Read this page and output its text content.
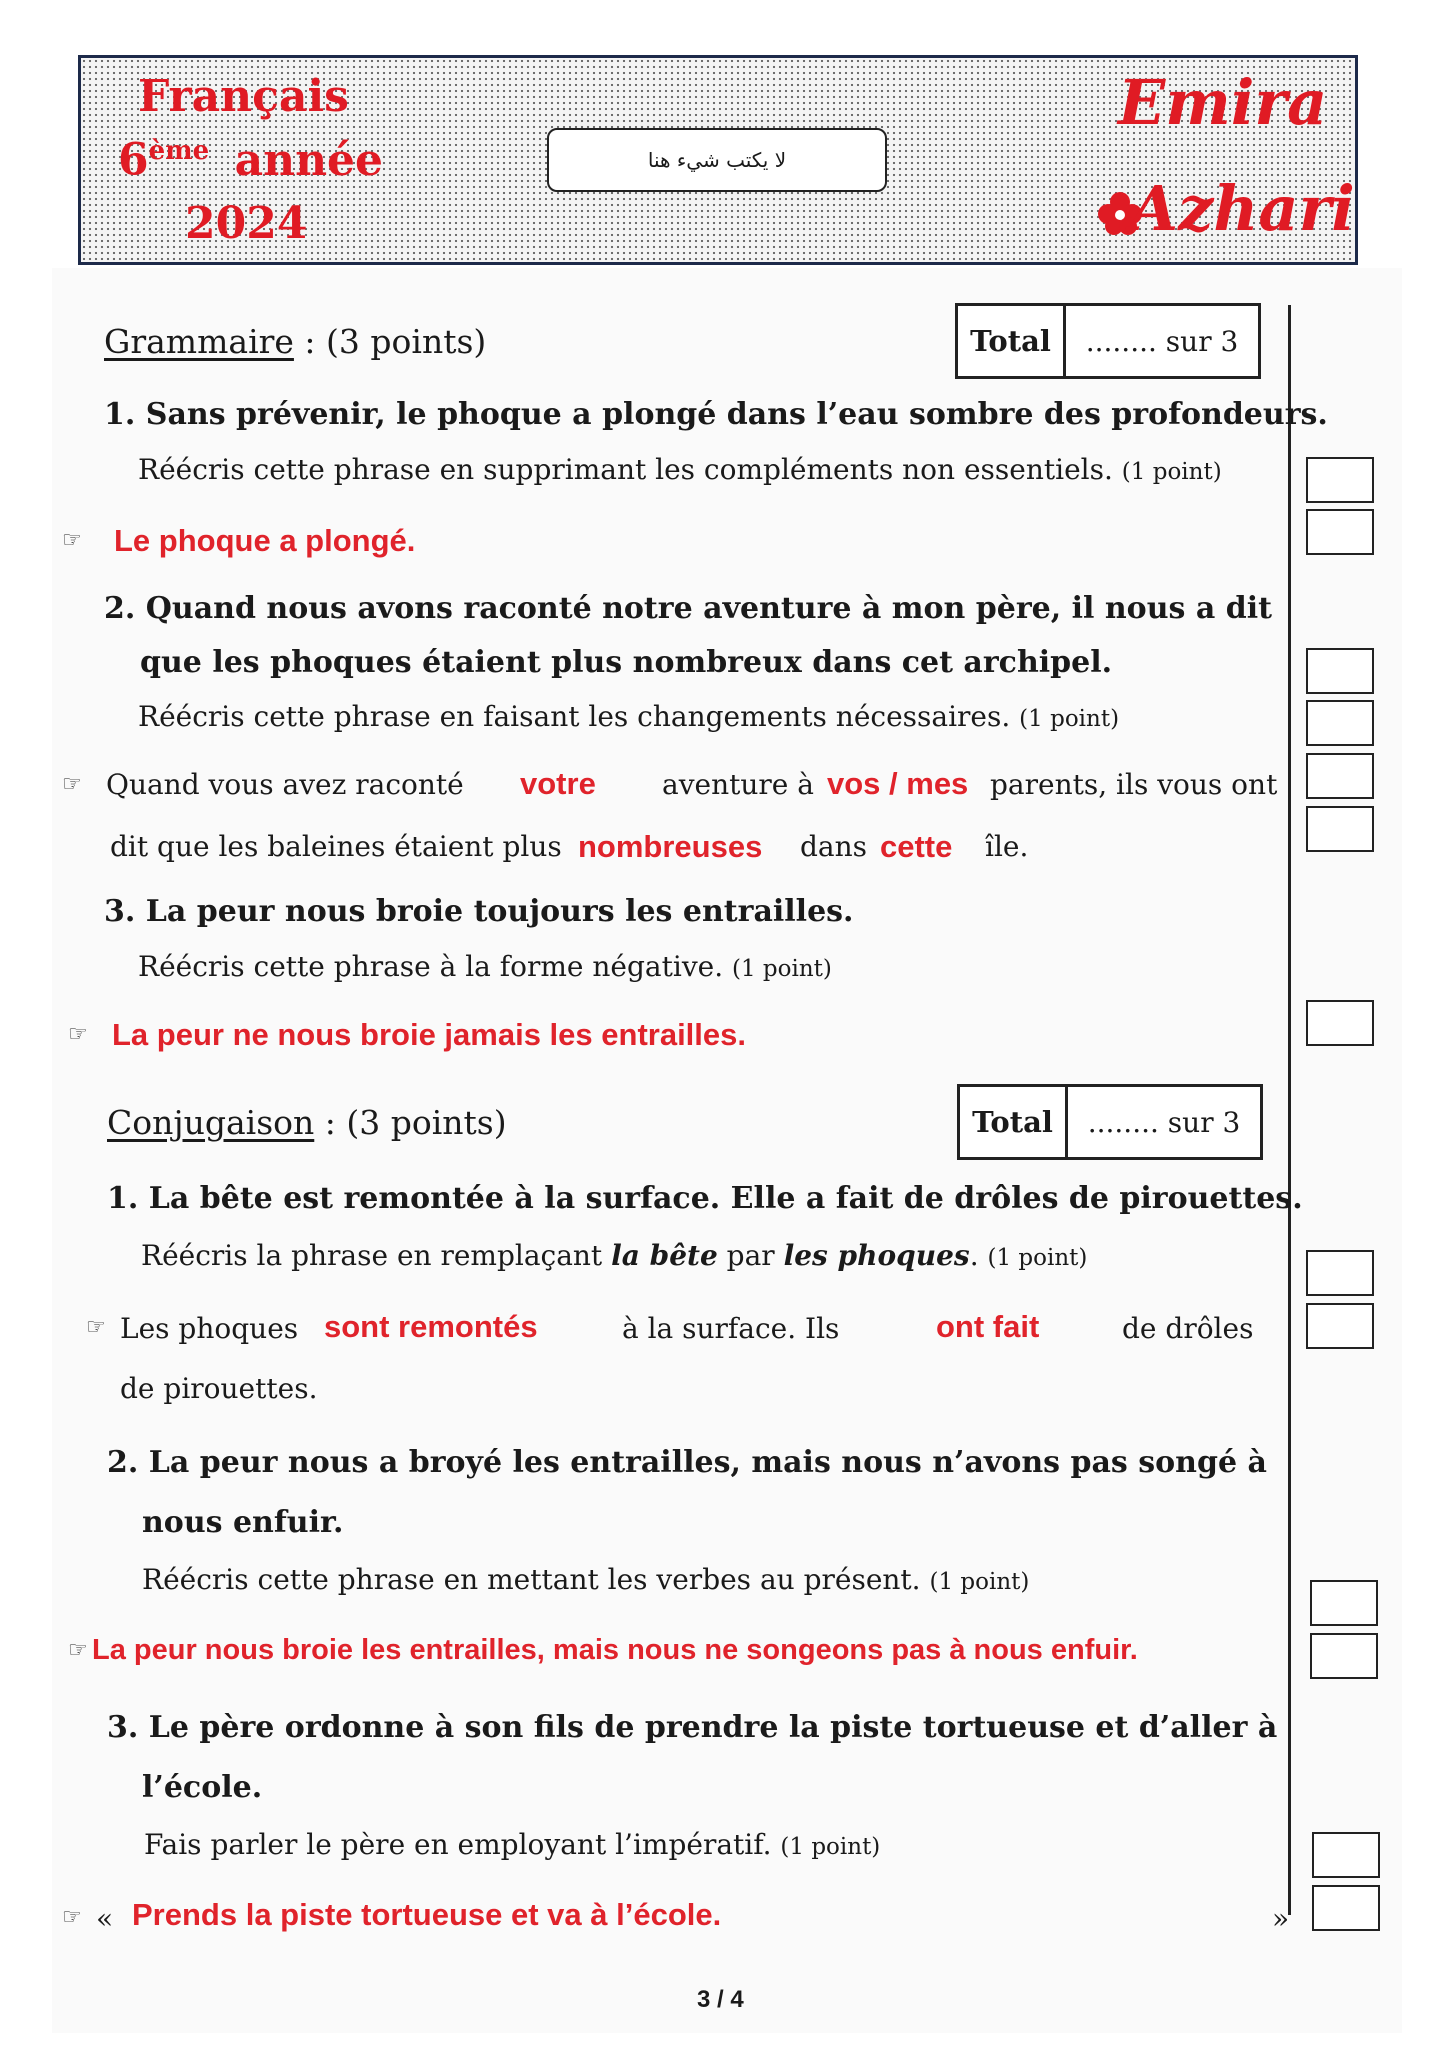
Français
6ème année
2024
لا يكتب شيء هنا
Emira
Azhari
Grammaire : (3 points)	Total	........ sur 3
1. Sans prévenir, le phoque a plongé dans l’eau sombre des profondeurs.
Réécris cette phrase en supprimant les compléments non essentiels. (1 point)
☞ Le phoque a plongé.
2. Quand nous avons raconté notre aventure à mon père, il nous a dit
que les phoques étaient plus nombreux dans cet archipel.
Réécris cette phrase en faisant les changements nécessaires. (1 point)
☞ Quand vous avez raconté votre aventure à vos / mes parents, ils vous ont
dit que les baleines étaient plus nombreuses dans cette île.
3. La peur nous broie toujours les entrailles.
Réécris cette phrase à la forme négative. (1 point)
☞ La peur ne nous broie jamais les entrailles.
Conjugaison : (3 points)	Total	........ sur 3
1. La bête est remontée à la surface. Elle a fait de drôles de pirouettes.
Réécris la phrase en remplaçant la bête par les phoques. (1 point)
☞ Les phoques sont remontés	à la surface. Ils	ont fait	de drôles
de pirouettes.
2. La peur nous a broyé les entrailles, mais nous n’avons pas songé à
nous enfuir.
Réécris cette phrase en mettant les verbes au présent. (1 point)
☞ La peur nous broie les entrailles, mais nous ne songeons pas à nous enfuir.
3. Le père ordonne à son fils de prendre la piste tortueuse et d’aller à
l’école.
Fais parler le père en employant l’impératif. (1 point)
☞ « Prends la piste tortueuse et va à l’école.	»
3 / 4
